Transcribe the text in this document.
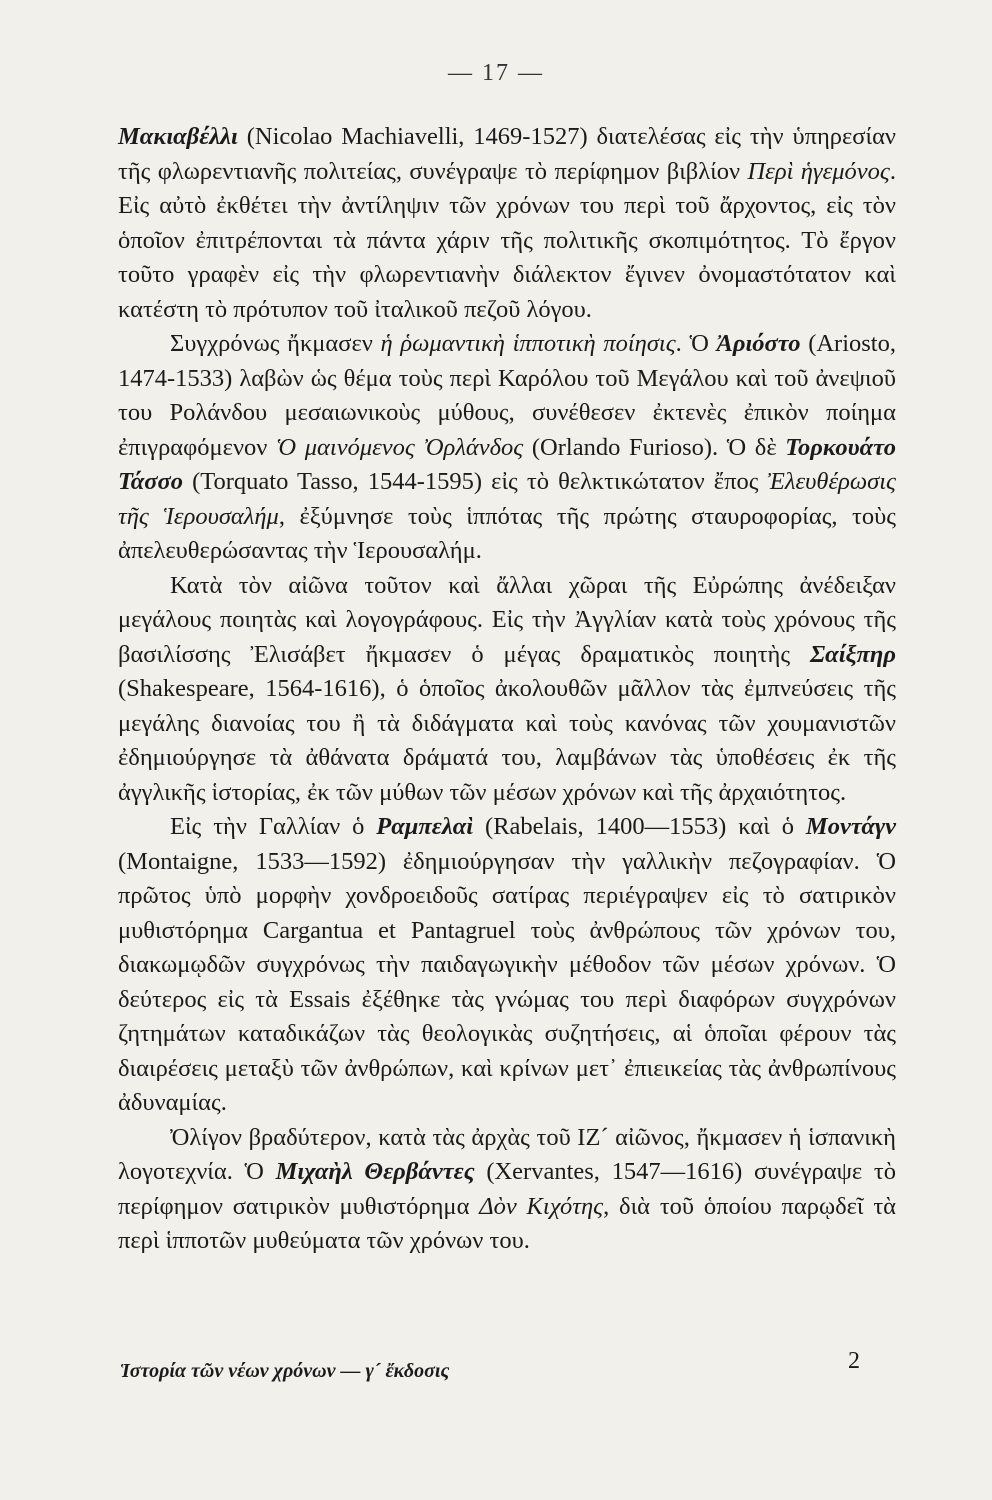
— 17 —

Μακιαβέλλι (Nicolao Machiavelli, 1469-1527) διατελέσας εἰς τὴν ὑπηρεσίαν τῆς φλωρεντιανῆς πολιτείας, συνέγραψε τὸ περίφημον βιβλίον Περὶ ἡγεμόνος. Εἰς αὐτὸ ἐκθέτει τὴν ἀντίληψιν τῶν χρόνων του περὶ τοῦ ἄρχοντος, εἰς τὸν ὁποῖον ἐπιτρέπονται τὰ πάντα χάριν τῆς πολιτικῆς σκοπιμότητος. Τὸ ἔργον τοῦτο γραφὲν εἰς τὴν φλωρεντιανὴν διάλεκτον ἔγινεν ὀνομαστότατον καὶ κατέστη τὸ πρότυπον τοῦ ἰταλικοῦ πεζοῦ λόγου.

Συγχρόνως ἤκμασεν ἡ ῥωμαντικὴ ἱπποτικὴ ποίησις. Ὁ Ἀριόστο (Ariosto, 1474-1533) λαβὼν ὡς θέμα τοὺς περὶ Καρόλου τοῦ Μεγάλου καὶ τοῦ ἀνεψιοῦ του Ρολάνδου μεσαιωνικοὺς μύθους, συνέθεσεν ἐκτενὲς ἐπικὸν ποίημα ἐπιγραφόμενον Ὁ μαινόμενος Ὀρλάνδος (Orlando Furioso). Ὁ δὲ Τορκουάτο Τάσσο (Torquato Tasso, 1544-1595) εἰς τὸ θελκτικώτατον ἔπος Ἐλευθέρωσις τῆς Ἱερουσαλήμ, ἐξύμνησε τοὺς ἱππότας τῆς πρώτης σταυροφορίας, τοὺς ἀπελευθερώσαντας τὴν Ἱερουσαλήμ.

Κατὰ τὸν αἰῶνα τοῦτον καὶ ἄλλαι χῶραι τῆς Εὐρώπης ἀνέδειξαν μεγάλους ποιητὰς καὶ λογογράφους. Εἰς τὴν Ἀγγλίαν κατὰ τοὺς χρόνους τῆς βασιλίσσης Ἐλισάβετ ἤκμασεν ὁ μέγας δραματικὸς ποιητὴς Σαίξπηρ (Shakespeare, 1564-1616), ὁ ὁποῖος ἀκολουθῶν μᾶλλον τὰς ἐμπνεύσεις τῆς μεγάλης διανοίας του ἢ τὰ διδάγματα καὶ τοὺς κανόνας τῶν χουμανιστῶν ἐδημιούργησε τὰ ἀθάνατα δράματά του, λαμβάνων τὰς ὑποθέσεις ἐκ τῆς ἀγγλικῆς ἱστορίας, ἐκ τῶν μύθων τῶν μέσων χρόνων καὶ τῆς ἀρχαιότητος.

Εἰς τὴν Γαλλίαν ὁ Ραμπελαὶ (Rabelais, 1400—1553) καὶ ὁ Μοντάγν (Montaigne, 1533—1592) ἐδημιούργησαν τὴν γαλλικὴν πεζογραφίαν. Ὁ πρῶτος ὑπὸ μορφὴν χονδροειδοῦς σατίρας περιέγραψεν εἰς τὸ σατιρικὸν μυθιστόρημα Cargantua et Pantagruel τοὺς ἀνθρώπους τῶν χρόνων του, διακωμῳδῶν συγχρόνως τὴν παιδαγωγικὴν μέθοδον τῶν μέσων χρόνων. Ὁ δεύτερος εἰς τὰ Essais ἐξέθηκε τὰς γνώμας του περὶ διαφόρων συγχρόνων ζητημάτων καταδικάζων τὰς θεολογικὰς συζητήσεις, αἱ ὁποῖαι φέρουν τὰς διαιρέσεις μεταξὺ τῶν ἀνθρώπων, καὶ κρίνων μετ᾽ ἐπιεικείας τὰς ἀνθρωπίνους ἀδυναμίας.

Ὀλίγον βραδύτερον, κατὰ τὰς ἀρχὰς τοῦ ΙΖ´ αἰῶνος, ἤκμασεν ἡ ἱσπανικὴ λογοτεχνία. Ὁ Μιχαὴλ Θερβάντες (Xervantes, 1547—1616) συνέγραψε τὸ περίφημον σατιρικὸν μυθιστόρημα Δὸν Κιχότης, διὰ τοῦ ὁποίου παρῳδεῖ τὰ περὶ ἱπποτῶν μυθεύματα τῶν χρόνων του.

Ἱστορία τῶν νέων χρόνων — γ´ ἔκδοσις	2
